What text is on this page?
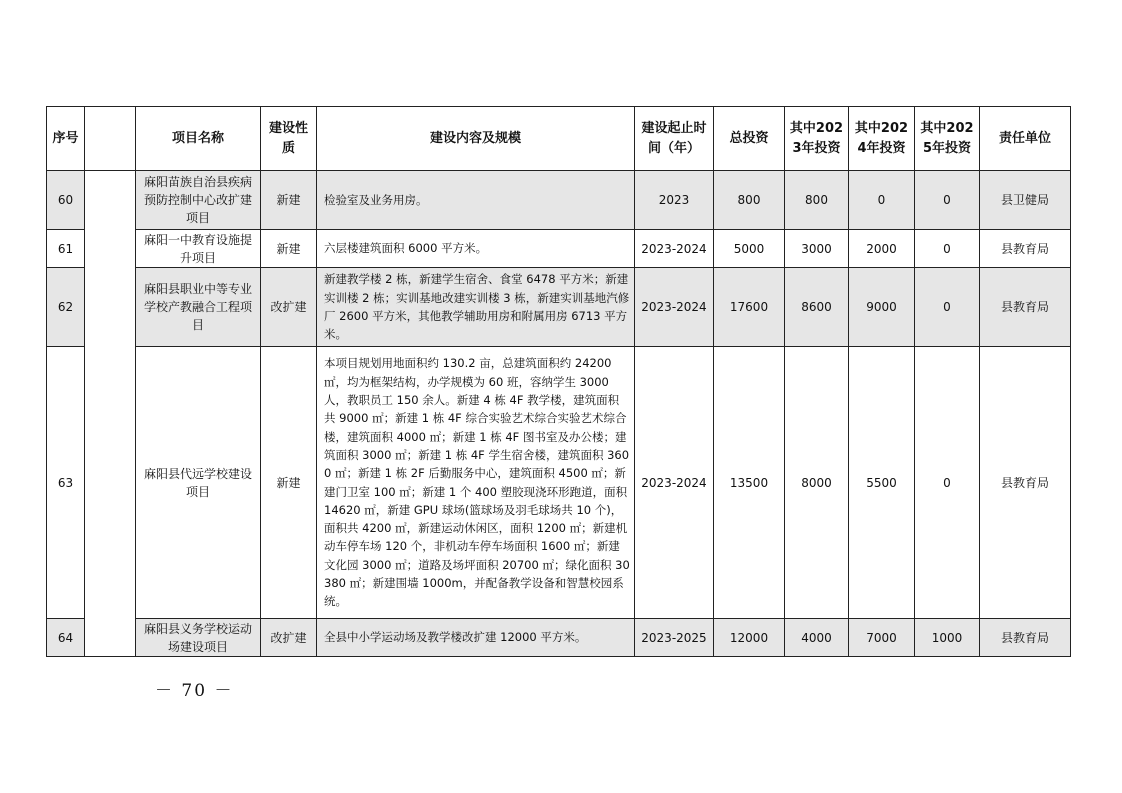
序号		项目名称	建设性质	建设内容及规模	建设起止时间（年）	总投资	其中2023年投资	其中2024年投资	其中2025年投资	责任单位
60		麻阳苗族自治县疾病预防控制中心改扩建项目	新建	检验室及业务用房。	2023	800	800	0	0	县卫健局
61		麻阳一中教育设施提升项目	新建	六层楼建筑面积 6000 平方米。	2023-2024	5000	3000	2000	0	县教育局
62		麻阳县职业中等专业学校产教融合工程项目	改扩建	新建教学楼 2 栋，新建学生宿舍、食堂 6478 平方米；新建实训楼 2 栋；实训基地改建实训楼 3 栋，新建实训基地汽修厂 2600 平方米，其他教学辅助用房和附属用房 6713 平方米。	2023-2024	17600	8600	9000	0	县教育局
63		麻阳县代远学校建设项目	新建	本项目规划用地面积约 130.2 亩，总建筑面积约 24200 ㎡，均为框架结构，办学规模为 60 班，容纳学生 3000 人，教职员工 150 余人。新建 4 栋 4F 教学楼，建筑面积共 9000 ㎡；新建 1 栋 4F 综合实验艺术综合实验艺术综合楼，建筑面积 4000 ㎡；新建 1 栋 4F 图书室及办公楼；建筑面积 3000 ㎡；新建 1 栋 4F 学生宿舍楼，建筑面积 3600 ㎡；新建 1 栋 2F 后勤服务中心，建筑面积 4500 ㎡；新建门卫室 100 ㎡；新建 1 个 400 塑胶现浇环形跑道，面积 14620 ㎡，新建 GPU 球场(篮球场及羽毛球场共 10 个)，面积共 4200 ㎡，新建运动休闲区，面积 1200 ㎡；新建机动车停车场 120 个，非机动车停车场面积 1600 ㎡；新建文化园 3000 ㎡；道路及场坪面积 20700 ㎡；绿化面积 30380 ㎡；新建围墙 1000m，并配备教学设备和智慧校园系统。	2023-2024	13500	8000	5500	0	县教育局
64		麻阳县义务学校运动场建设项目	改扩建	全县中小学运动场及教学楼改扩建 12000 平方米。	2023-2025	12000	4000	7000	1000	县教育局
－ 70 －
